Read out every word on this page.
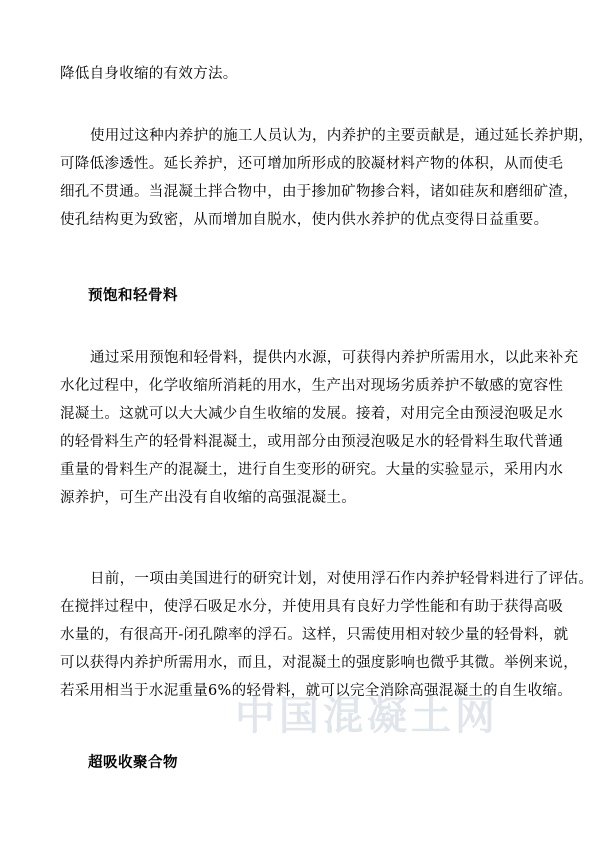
降低自身收缩的有效方法。

使用过这种内养护的施工人员认为，内养护的主要贡献是，通过延长养护期，
可降低渗透性。延长养护，还可增加所形成的胶凝材料产物的体积，从而使毛
细孔不贯通。当混凝土拌合物中，由于掺加矿物掺合料，诸如硅灰和磨细矿渣，
使孔结构更为致密，从而增加自脱水，使内供水养护的优点变得日益重要。

预饱和轻骨料

通过采用预饱和轻骨料，提供内水源，可获得内养护所需用水，以此来补充
水化过程中，化学收缩所消耗的用水，生产出对现场劣质养护不敏感的宽容性
混凝土。这就可以大大减少自生收缩的发展。接着，对用完全由预浸泡吸足水
的轻骨料生产的轻骨料混凝土，或用部分由预浸泡吸足水的轻骨料生取代普通
重量的骨料生产的混凝土，进行自生变形的研究。大量的实验显示，采用内水
源养护，可生产出没有自收缩的高强混凝土。

日前，一项由美国进行的研究计划，对使用浮石作内养护轻骨料进行了评估。
在搅拌过程中，使浮石吸足水分，并使用具有良好力学性能和有助于获得高吸
水量的，有很高开-闭孔隙率的浮石。这样，只需使用相对较少量的轻骨料，就
可以获得内养护所需用水，而且，对混凝土的强度影响也微乎其微。举例来说，
若采用相当于水泥重量6%的轻骨料，就可以完全消除高强混凝土的自生收缩。

超吸收聚合物
中国混凝土网
